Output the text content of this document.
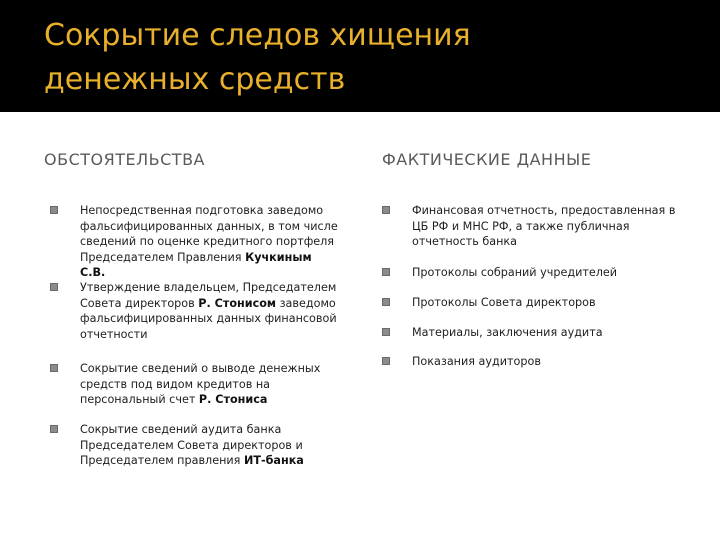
Сокрытие следов хищения
денежных средств
ОБСТОЯТЕЛЬСТВА	ФАКТИЧЕСКИЕ ДАННЫЕ
Непосредственная подготовка заведомо фальсифицированных данных, в том числе сведений по оценке кредитного портфеля Председателем Правления Кучкиным С.В.
Утверждение владельцем, Председателем Совета директоров Р. Стонисом заведомо фальсифицированных данных финансовой отчетности
Сокрытие сведений о выводе денежных средств под видом кредитов на персональный счет Р. Стониса
Сокрытие сведений аудита банка Председателем Совета директоров и Председателем правления ИТ-банка
Финансовая отчетность, предоставленная в ЦБ РФ и МНС РФ, а также публичная отчетность банка
Протоколы собраний учредителей
Протоколы Совета директоров
Материалы, заключения аудита
Показания аудиторов
